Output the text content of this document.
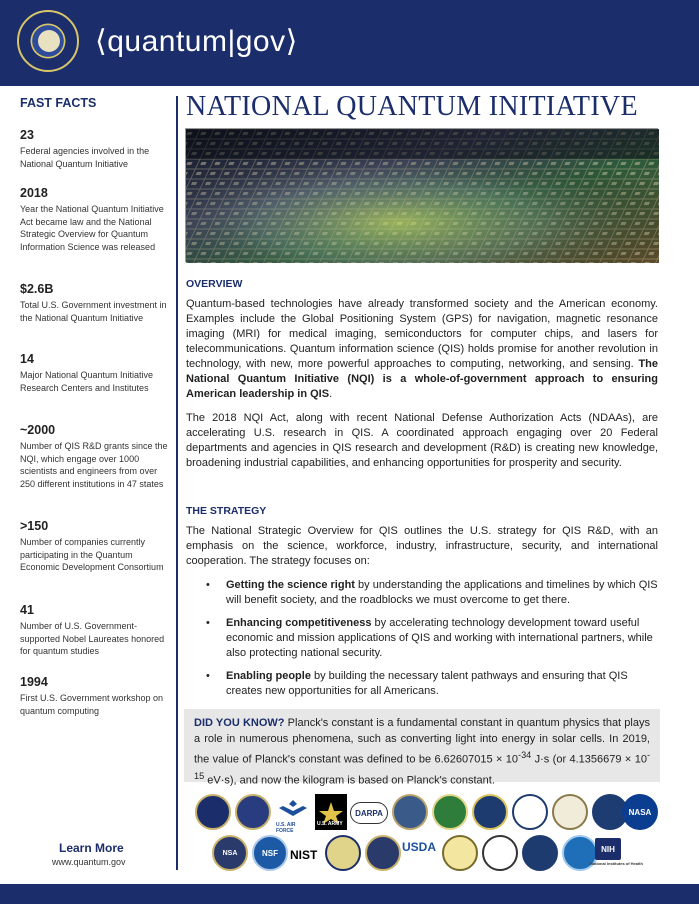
⟨quantum|gov⟩
FAST FACTS
23
Federal agencies involved in the National Quantum Initiative
2018
Year the National Quantum Initiative Act became law and the National Strategic Overview for Quantum Information Science was released
$2.6B
Total U.S. Government investment in the National Quantum Initiative
14
Major National Quantum Initiative Research Centers and Institutes
~2000
Number of QIS R&D grants since the NQI, which engage over 1000 scientists and engineers from over 250 different institutions in 47 states
>150
Number of companies currently participating in the Quantum Economic Development Consortium
41
Number of U.S. Government-supported Nobel Laureates honored for quantum studies
1994
First U.S. Government workshop on quantum computing
Learn More
www.quantum.gov
NATIONAL QUANTUM INITIATIVE
OVERVIEW
Quantum-based technologies have already transformed society and the American economy. Examples include the Global Positioning System (GPS) for navigation, magnetic resonance imaging (MRI) for medical imaging, semiconductors for computer chips, and lasers for telecommunications. Quantum information science (QIS) holds promise for another revolution in technology, with new, more powerful approaches to computing, networking, and sensing. The National Quantum Initiative (NQI) is a whole-of-government approach to ensuring American leadership in QIS.
The 2018 NQI Act, along with recent National Defense Authorization Acts (NDAAs), are accelerating U.S. research in QIS. A coordinated approach engaging over 20 Federal departments and agencies in QIS research and development (R&D) is creating new knowledge, broadening industrial capabilities, and enhancing opportunities for prosperity and security.
THE STRATEGY
The National Strategic Overview for QIS outlines the U.S. strategy for QIS R&D, with an emphasis on the science, workforce, industry, infrastructure, security, and international cooperation. The strategy focuses on:
• Getting the science right by understanding the applications and timelines by which QIS will benefit society, and the roadblocks we must overcome to get there.
• Enhancing competitiveness by accelerating technology development toward useful economic and mission applications of QIS and working with international partners, while also protecting national security.
• Enabling people by building the necessary talent pathways and ensuring that QIS creates new opportunities for all Americans.
DID YOU KNOW? Planck's constant is a fundamental constant in quantum physics that plays a role in numerous phenomena, such as converting light into energy in solar cells. In 2019, the value of Planck's constant was defined to be $6.62607015 \times 10^{-34}$ J·s (or $4.1356679 \times 10^{-15}$ eV·s), and now the kilogram is based on Planck's constant.
U.S. AIR FORCE
U.S. ARMY
DARPA	NASA
NSA	NSF	NIST
USDA	NIH
National Institutes of Health
